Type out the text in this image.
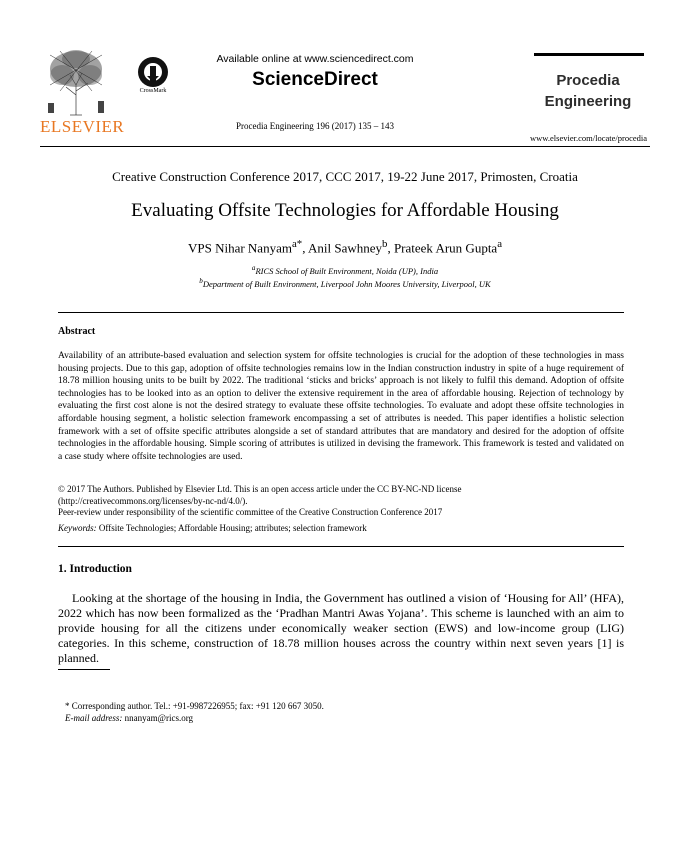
ELSEVIER
CrossMark
Available online at www.sciencedirect.com
ScienceDirect
Procedia Engineering 196 (2017) 135 – 143
Procedia
Engineering
www.elsevier.com/locate/procedia
Creative Construction Conference 2017, CCC 2017, 19-22 June 2017, Primosten, Croatia
Evaluating Offsite Technologies for Affordable Housing
VPS Nihar Nanyam$^{a*}$, Anil Sawhney$^b$, Prateek Arun Gupta$^a$
$^a$RICS School of Built Environment, Noida (UP), India
$^b$Department of Built Environment, Liverpool John Moores University, Liverpool, UK
Abstract

Availability of an attribute-based evaluation and selection system for offsite technologies is crucial for the adoption of these technologies in mass housing projects. Due to this gap, adoption of offsite technologies remains low in the Indian construction industry in spite of a huge requirement of 18.78 million housing units to be built by 2022. The traditional ‘sticks and bricks’ approach is not likely to fulfil this demand. Adoption of offsite technologies has to be looked into as an option to deliver the extensive requirement in the area of affordable housing. Rejection of technology by evaluating the first cost alone is not the desired strategy to evaluate these offsite technologies. To evaluate and adopt these offsite technologies in affordable housing segment, a holistic selection framework encompassing a set of attributes is needed. This paper identifies a holistic selection framework with a set of offsite specific attributes alongside a set of standard attributes that are mandatory and desired for the adoption of offsite technologies in the affordable housing. Simple scoring of attributes is utilized in devising the framework. This framework is tested and validated on a case study where offsite technologies are used.

© 2017 The Authors. Published by Elsevier Ltd. This is an open access article under the CC BY-NC-ND license
(http://creativecommons.org/licenses/by-nc-nd/4.0/).
Peer-review under responsibility of the scientific committee of the Creative Construction Conference 2017
Keywords: Offsite Technologies; Affordable Housing; attributes; selection framework
1. Introduction

Looking at the shortage of the housing in India, the Government has outlined a vision of ‘Housing for All’ (HFA), 2022 which has now been formalized as the ‘Pradhan Mantri Awas Yojana’. This scheme is launched with an aim to provide housing for all the citizens under economically weaker section (EWS) and low-income group (LIG) categories. In this scheme, construction of 18.78 million houses across the country within next seven years [1] is planned.

* Corresponding author. Tel.: +91-9987226955; fax: +91 120 667 3050.
E-mail address: nnanyam@rics.org
